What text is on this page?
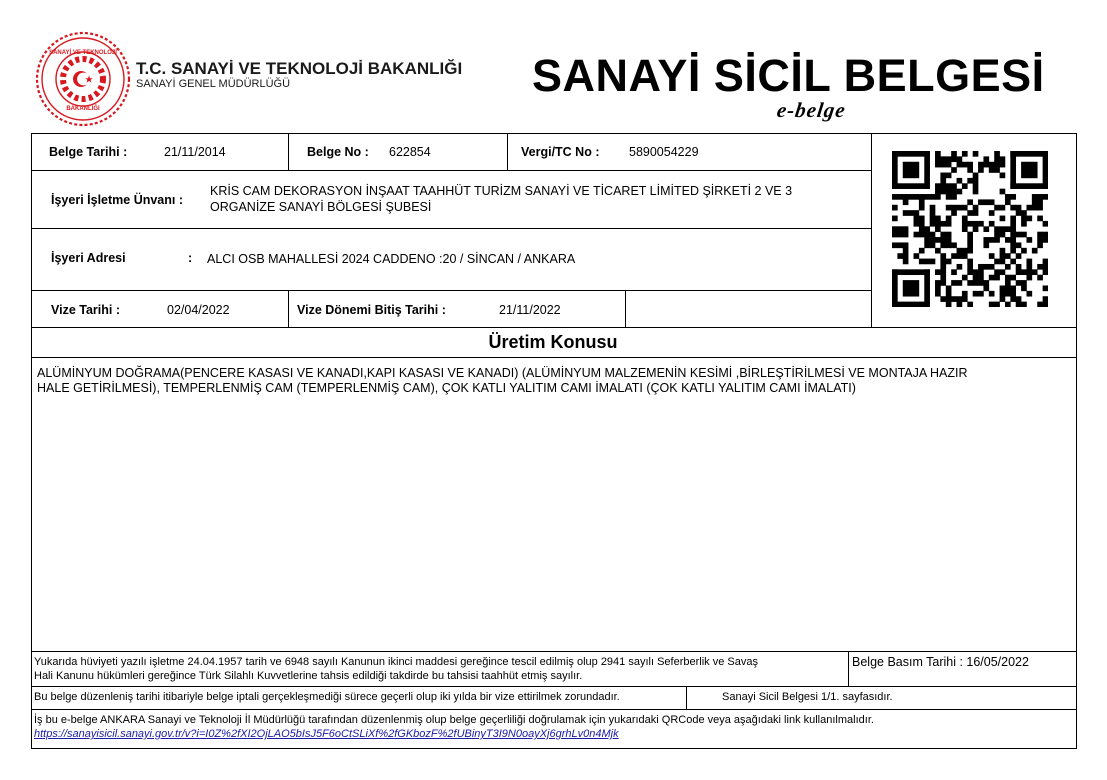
SANAYİ VE TEKNOLOJİ
BAKANLIĞI
T.C. SANAYİ VE TEKNOLOJİ BAKANLIĞI
SANAYİ GENEL MÜDÜRLÜĞÜ	SANAYİ SİCİL BELGESİ
e-belge
Belge Tarihi :	21/11/2014	Belge No : 622854	Vergi/TC No : 5890054229
İşyeri İşletme Ünvanı :
KRİS CAM DEKORASYON İNŞAAT TAAHHÜT TURİZM SANAYİ VE TİCARET LİMİTED ŞİRKETİ 2 VE 3
ORGANİZE SANAYİ BÖLGESİ ŞUBESİ
İşyeri Adresi	: ALCI OSB MAHALLESİ 2024 CADDENO :20 / SİNCAN / ANKARA
Vize Tarihi :	02/04/2022	Vize Dönemi Bitiş Tarihi :	21/11/2022
Üretim Konusu
ALÜMİNYUM DOĞRAMA(PENCERE KASASI VE KANADI,KAPI KASASI VE KANADI) (ALÜMİNYUM MALZEMENİN KESİMİ ,BİRLEŞTİRİLMESİ VE MONTAJA HAZIR
HALE GETİRİLMESİ), TEMPERLENMİŞ CAM (TEMPERLENMİŞ CAM), ÇOK KATLI YALITIM CAMI İMALATI (ÇOK KATLI YALITIM CAMI İMALATI)
Yukarıda hüviyeti yazılı işletme 24.04.1957 tarih ve 6948 sayılı Kanunun ikinci maddesi gereğince tescil edilmiş olup 2941 sayılı Seferberlik ve Savaş
Hali Kanunu hükümleri gereğince Türk Silahlı Kuvvetlerine tahsis edildiği takdirde bu tahsisi taahhüt etmiş sayılır.
Belge Basım Tarihi : 16/05/2022
Bu belge düzenleniş tarihi itibariyle belge iptali gerçekleşmediği sürece geçerli olup iki yılda bir vize ettirilmek zorundadır.	Sanayi Sicil Belgesi 1/1. sayfasıdır.
İş bu e-belge ANKARA Sanayi ve Teknoloji İl Müdürlüğü tarafından düzenlenmiş olup belge geçerliliği doğrulamak için yukarıdaki QRCode veya aşağıdaki link kullanılmalıdır.
https://sanayisicil.sanayi.gov.tr/v?i=I0Z%2fXI2OjLAO5bIsJ5F6oCtSLiXf%2fGKbozF%2fUBinyT3I9N0oayXj6grhLv0n4Mjk
